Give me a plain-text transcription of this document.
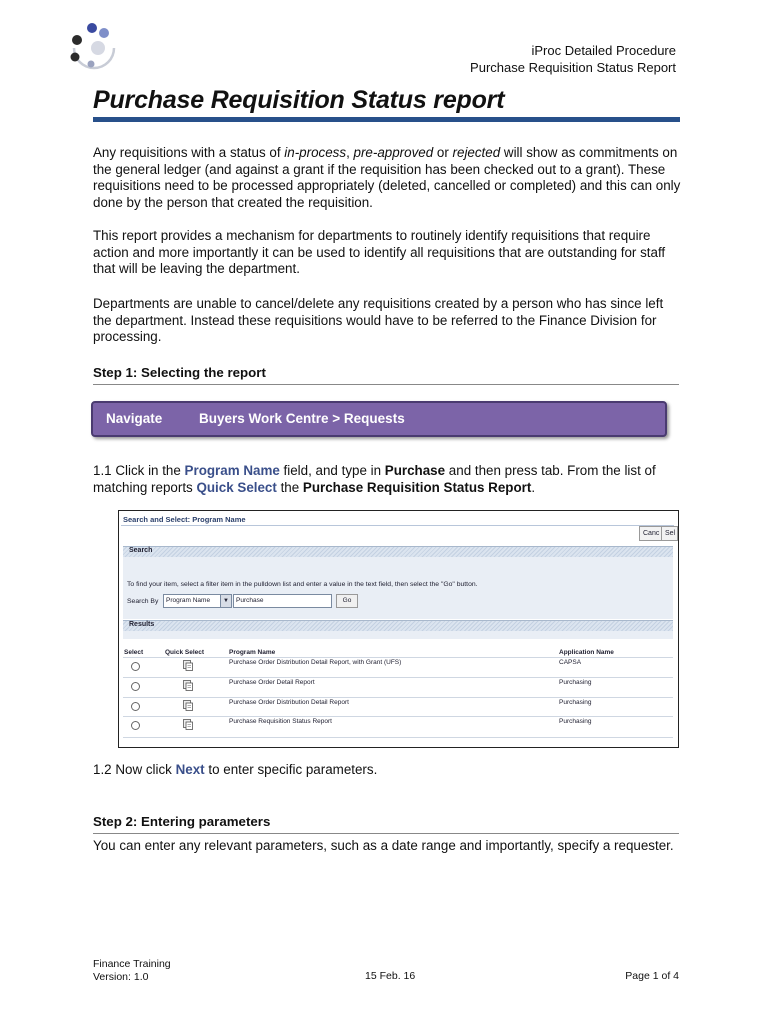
iProc Detailed Procedure
Purchase Requisition Status Report
Purchase Requisition Status report

Any requisitions with a status of in-process, pre-approved or rejected will show as commitments on the general ledger (and against a grant if the requisition has been checked out to a grant). These requisitions need to be processed appropriately (deleted, cancelled or completed) and this can only done by the person that created the requisition.

This report provides a mechanism for departments to routinely identify requisitions that require action and more importantly it can be used to identify all requisitions that are outstanding for staff that will be leaving the department.

Departments are unable to cancel/delete any requisitions created by a person who has since left the department. Instead these requisitions would have to be referred to the Finance Division for processing.

Step 1: Selecting the report
Navigate	Buyers Work Centre > Requests

1.1 Click in the Program Name field, and type in Purchase and then press tab. From the list of matching reports Quick Select the Purchase Requisition Status Report.

Search and Select: Program Name
Canc Sel
Search
To find your item, select a filter item in the pulldown list and enter a value in the text field, then select the "Go" button.
Search By	Program Name	▼	Purchase	Go
Results
Select	Quick Select	Program Name	Application Name
Purchase Order Distribution Detail Report, with Grant (UFS)	CAPSA
Purchase Order Detail Report	Purchasing
Purchase Order Distribution Detail Report	Purchasing
Purchase Requisition Status Report	Purchasing

1.2 Now click Next to enter specific parameters.

Step 2: Entering parameters

You can enter any relevant parameters, such as a date range and importantly, specify a requester.

Finance Training
Version: 1.0	15 Feb. 16	Page 1 of 4
